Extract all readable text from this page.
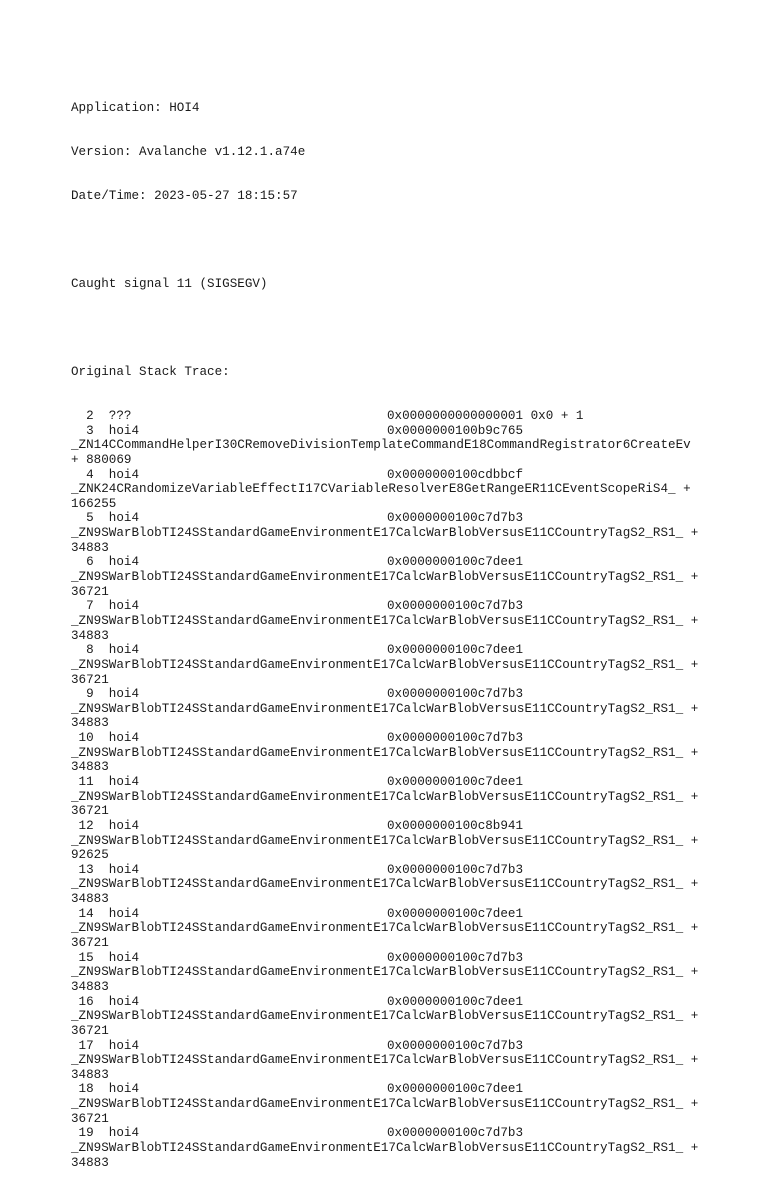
Application: HOI4

Version: Avalanche v1.12.1.a74e

Date/Time: 2023-05-27 18:15:57

Caught signal 11 (SIGSEGV)

Original Stack Trace:

2 ???	0x0000000000000001 0x0 + 1
3 hoi4	0x0000000100b9c765
_ZN14CCommandHelperI30CRemoveDivisionTemplateCommandE18CommandRegistrator6CreateEv
+ 880069
4 hoi4	0x0000000100cdbbcf
_ZNK24CRandomizeVariableEffectI17CVariableResolverE8GetRangeER11CEventScopeRiS4_ +
166255
5 hoi4	0x0000000100c7d7b3
_ZN9SWarBlobTI24SStandardGameEnvironmentE17CalcWarBlobVersusE11CCountryTagS2_RS1_ +
34883
6 hoi4	0x0000000100c7dee1
_ZN9SWarBlobTI24SStandardGameEnvironmentE17CalcWarBlobVersusE11CCountryTagS2_RS1_ +
36721
7 hoi4	0x0000000100c7d7b3
_ZN9SWarBlobTI24SStandardGameEnvironmentE17CalcWarBlobVersusE11CCountryTagS2_RS1_ +
34883
8 hoi4	0x0000000100c7dee1
_ZN9SWarBlobTI24SStandardGameEnvironmentE17CalcWarBlobVersusE11CCountryTagS2_RS1_ +
36721
9 hoi4	0x0000000100c7d7b3
_ZN9SWarBlobTI24SStandardGameEnvironmentE17CalcWarBlobVersusE11CCountryTagS2_RS1_ +
34883
10 hoi4	0x0000000100c7d7b3
_ZN9SWarBlobTI24SStandardGameEnvironmentE17CalcWarBlobVersusE11CCountryTagS2_RS1_ +
34883
11 hoi4	0x0000000100c7dee1
_ZN9SWarBlobTI24SStandardGameEnvironmentE17CalcWarBlobVersusE11CCountryTagS2_RS1_ +
36721
12 hoi4	0x0000000100c8b941
_ZN9SWarBlobTI24SStandardGameEnvironmentE17CalcWarBlobVersusE11CCountryTagS2_RS1_ +
92625
13 hoi4	0x0000000100c7d7b3
_ZN9SWarBlobTI24SStandardGameEnvironmentE17CalcWarBlobVersusE11CCountryTagS2_RS1_ +
34883
14 hoi4	0x0000000100c7dee1
_ZN9SWarBlobTI24SStandardGameEnvironmentE17CalcWarBlobVersusE11CCountryTagS2_RS1_ +
36721
15 hoi4	0x0000000100c7d7b3
_ZN9SWarBlobTI24SStandardGameEnvironmentE17CalcWarBlobVersusE11CCountryTagS2_RS1_ +
34883
16 hoi4	0x0000000100c7dee1
_ZN9SWarBlobTI24SStandardGameEnvironmentE17CalcWarBlobVersusE11CCountryTagS2_RS1_ +
36721
17 hoi4	0x0000000100c7d7b3
_ZN9SWarBlobTI24SStandardGameEnvironmentE17CalcWarBlobVersusE11CCountryTagS2_RS1_ +
34883
18 hoi4	0x0000000100c7dee1
_ZN9SWarBlobTI24SStandardGameEnvironmentE17CalcWarBlobVersusE11CCountryTagS2_RS1_ +
36721
19 hoi4	0x0000000100c7d7b3
_ZN9SWarBlobTI24SStandardGameEnvironmentE17CalcWarBlobVersusE11CCountryTagS2_RS1_ +
34883
